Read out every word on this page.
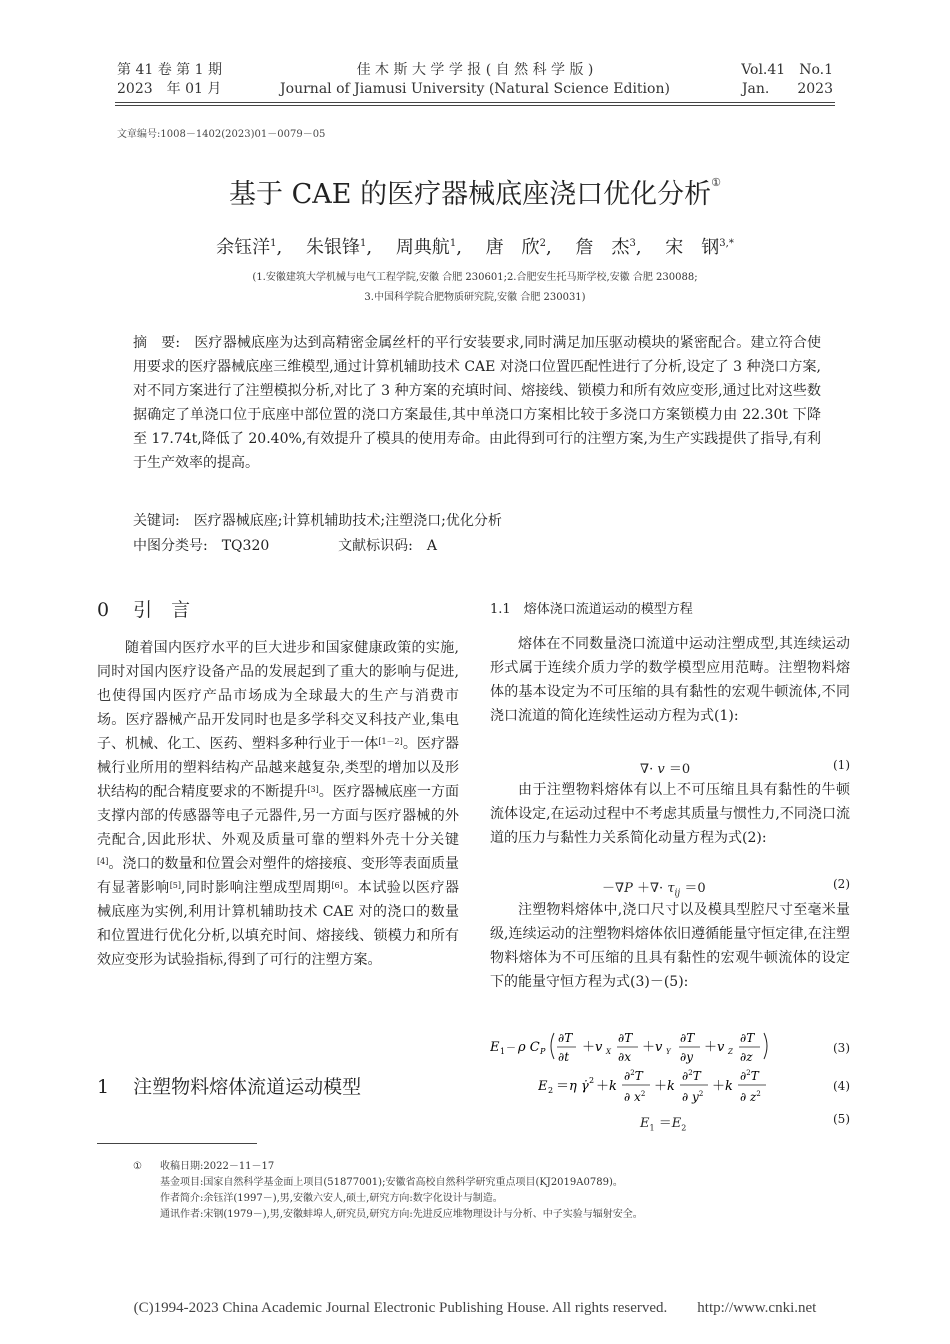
第 41 卷 第 1 期
2023　年 01 月
佳 木 斯 大 学 学 报 ( 自 然 科 学 版 )
Journal of Jiamusi University (Natural Science Edition)
Vol.41　No.1
Jan.　　2023
文章编号:1008－1402(2023)01－0079－05
基于 CAE 的医疗器械底座浇口优化分析①
余钰洋$^1$,　 朱银锋$^1$,　 周典航$^1$,　 唐　欣$^2$,　 詹　杰$^3$,　 宋　钢$^{3,*}$
(1.安徽建筑大学机械与电气工程学院,安徽 合肥 230601;2.合肥安生托马斯学校,安徽 合肥 230088;
3.中国科学院合肥物质研究院,安徽 合肥 230031)
摘　要:　 医疗器械底座为达到高精密金属丝杆的平行安装要求,同时满足加压驱动模块的紧密配合。建立符合使用要求的医疗器械底座三维模型,通过计算机辅助技术 CAE 对浇口位置匹配性进行了分析,设定了 3 种浇口方案,对不同方案进行了注塑模拟分析,对比了 3 种方案的充填时间、熔接线、锁模力和所有效应变形,通过比对这些数据确定了单浇口位于底座中部位置的浇口方案最佳,其中单浇口方案相比较于多浇口方案锁模力由 22.30t 下降至 17.74t,降低了 20.40%,有效提升了模具的使用寿命。由此得到可行的注塑方案,为生产实践提供了指导,有利于生产效率的提高。
关键词:　 医疗器械底座;计算机辅助技术;注塑浇口;优化分析
中图分类号:　 TQ320	文献标识码:　 A
0 引　言

随着国内医疗水平的巨大进步和国家健康政策的实施,同时对国内医疗设备产品的发展起到了重大的影响与促进,也使得国内医疗产品市场成为全球最大的生产与消费市场。医疗器械产品开发同时也是多学科交叉科技产业,集电子、机械、化工、医药、塑料多种行业于一体[1－2]。医疗器械行业所用的塑料结构产品越来越复杂,类型的增加以及形状结构的配合精度要求的不断提升[3]。医疗器械底座一方面支撑内部的传感器等电子元器件,另一方面与医疗器械的外壳配合,因此形状、外观及质量可靠的塑料外壳十分关键[4]。浇口的数量和位置会对塑件的熔接痕、变形等表面质量有显著影响[5],同时影响注塑成型周期[6]。本试验以医疗器械底座为实例,利用计算机辅助技术 CAE 对的浇口的数量和位置进行优化分析,以填充时间、熔接线、锁模力和所有效应变形为试验指标,得到了可行的注塑方案。

1 注塑物料熔体流道运动模型
1.1　 熔体浇口流道运动的模型方程

熔体在不同数量浇口流道中运动注塑成型,其连续运动形式属于连续介质力学的数学模型应用范畴。注塑物料熔体的基本设定为不可压缩的具有黏性的宏观牛顿流体,不同浇口流道的简化连续性运动方程为式(1):

∇· v ＝0	(1)

由于注塑物料熔体有以上不可压缩且具有黏性的牛顿流体设定,在运动过程中不考虑其质量与惯性力,不同浇口流道的压力与黏性力关系简化动量方程为式(2):

－∇P ＋∇· $\tau_{ij} =0$	(2)

注塑物料熔体中,浇口尺寸以及模具型腔尺寸至毫米量级,连续运动的注塑物料熔体依旧遵循能量守恒定律,在注塑物料熔体为不可压缩的且具有黏性的宏观牛顿流体的设定下的能量守恒方程为式(3)－(5):

E 1 － ρ C P
∂T
∂t
＋v X
∂T
∂x
＋v Y
∂T
∂y
＋v Z
∂T
∂z
(3)
E 2 ＝η γ̇ 2 ＋k
∂$^2$T
∂ $x^2 +k$
∂$^2$T
∂ $y^2 +k$
∂$^2$T
∂ $z^2$
(4)
$E_1 =E_2$
(5)
① 收稿日期:2022－11－17
基金项目:国家自然科学基金面上项目(51877001);安徽省高校自然科学研究重点项目(KJ2019A0789)。
作者简介:余钰洋(1997－),男,安徽六安人,硕士,研究方向:数字化设计与制造。
通讯作者:宋钢(1979－),男,安徽蚌埠人,研究员,研究方向:先进反应堆物理设计与分析、中子实验与辐射安全。
(C)1994-2023 China Academic Journal Electronic Publishing House. All rights reserved.　　http://www.cnki.net
